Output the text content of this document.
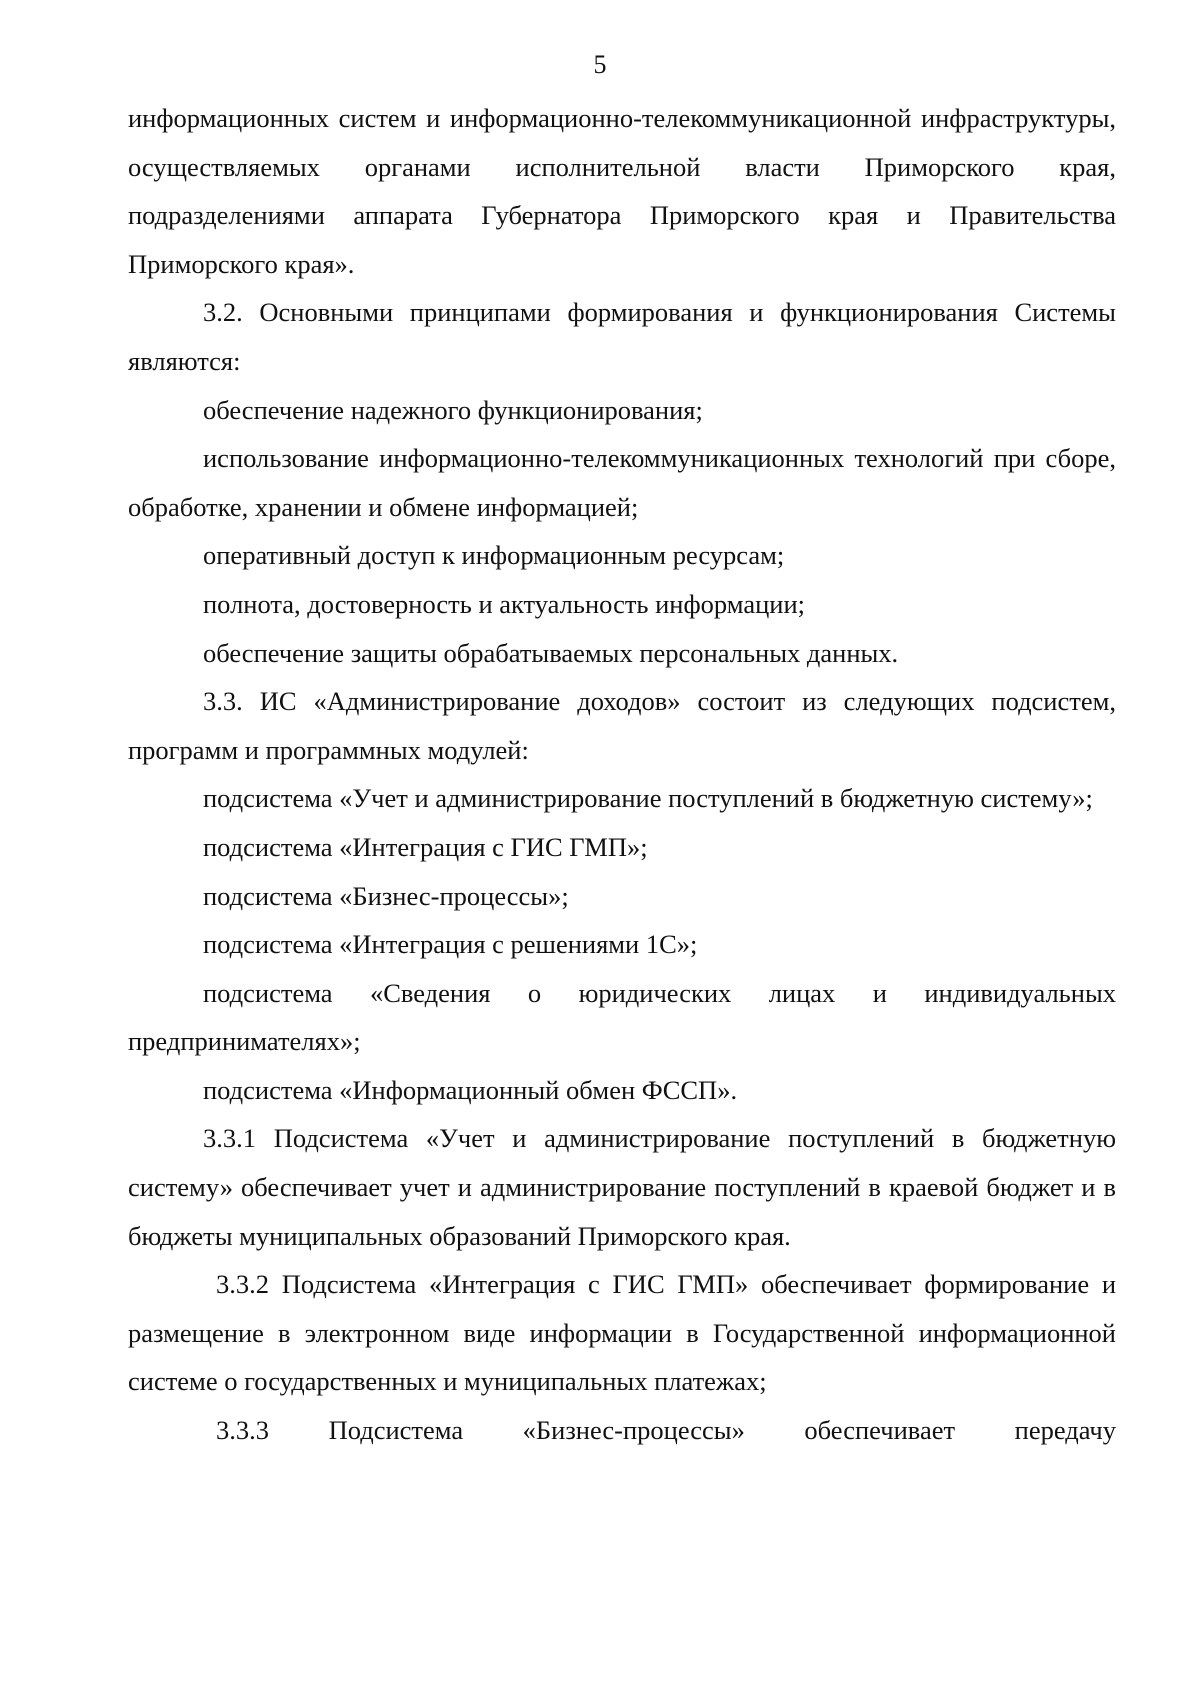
5

информационных систем и информационно-телекоммуникационной инфраструктуры, осуществляемых органами исполнительной власти Приморского края, подразделениями аппарата Губернатора Приморского края и Правительства Приморского края».

3.2. Основными принципами формирования и функционирования Системы являются:

обеспечение надежного функционирования;

использование информационно-телекоммуникационных технологий при сборе, обработке, хранении и обмене информацией;

оперативный доступ к информационным ресурсам;

полнота, достоверность и актуальность информации;

обеспечение защиты обрабатываемых персональных данных.

3.3. ИС «Администрирование доходов» состоит из следующих подсистем, программ и программных модулей:

подсистема «Учет и администрирование поступлений в бюджетную систему»;

подсистема «Интеграция с ГИС ГМП»;

подсистема «Бизнес-процессы»;

подсистема «Интеграция с решениями 1С»;

подсистема «Сведения о юридических лицах и индивидуальных предпринимателях»;

подсистема «Информационный обмен ФССП».

3.3.1 Подсистема «Учет и администрирование поступлений в бюджетную систему» обеспечивает учет и администрирование поступлений в краевой бюджет и в бюджеты муниципальных образований Приморского края.

3.3.2 Подсистема «Интеграция с ГИС ГМП» обеспечивает формирование и размещение в электронном виде информации в Государственной информационной системе о государственных и муниципальных платежах;

3.3.3 Подсистема «Бизнес-процессы» обеспечивает передачу
